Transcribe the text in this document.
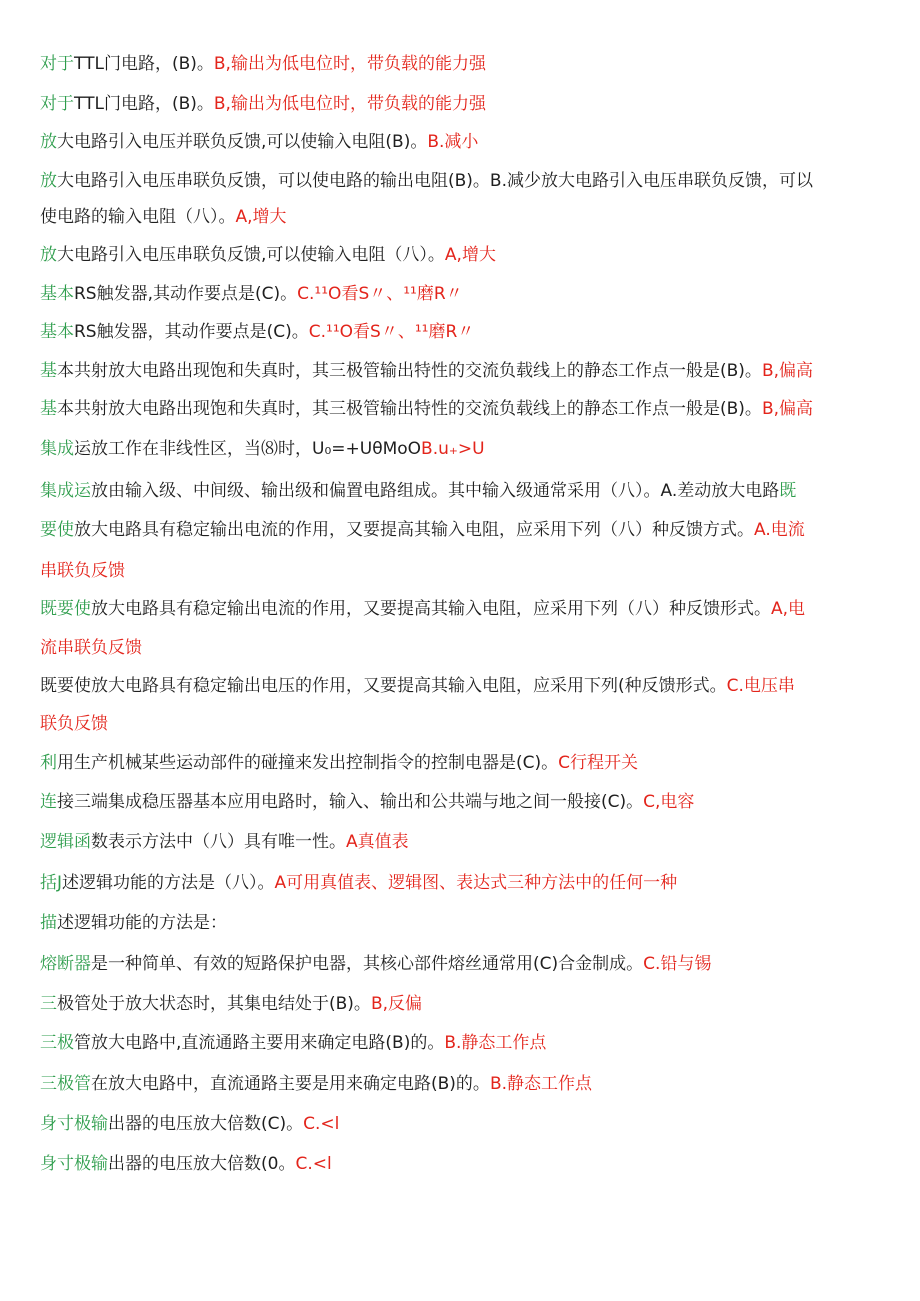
对于TTL门电路，(B)。B,输出为低电位时，带负载的能力强
对于TTL门电路，(B)。B,输出为低电位时，带负载的能力强
放大电路引入电压并联负反馈,可以使输入电阻(B)。B.减小
放大电路引入电压串联负反馈，可以使电路的输出电阻(B)。B.减少放大电路引入电压串联负反馈，可以
使电路的输入电阻（八）。A,增大
放大电路引入电压串联负反馈,可以使输入电阻（八）。A,增大
基本RS触发器,其动作要点是(C)。C.¹¹O看S〃、¹¹磨R〃
基本RS触发器，其动作要点是(C)。C.¹¹O看S〃、¹¹磨R〃
基本共射放大电路出现饱和失真时，其三极管输出特性的交流负载线上的静态工作点一般是(B)。B,偏高
基本共射放大电路出现饱和失真时，其三极管输出特性的交流负载线上的静态工作点一般是(B)。B,偏高
集成运放工作在非线性区，当⑻时，U₀=+UθMoOB.u₊>U
集成运放由输入级、中间级、输出级和偏置电路组成。其中输入级通常采用（八）。A.差动放大电路既
要使放大电路具有稳定输出电流的作用，又要提高其输入电阻，应采用下列（八）种反馈方式。A.电流
串联负反馈
既要使放大电路具有稳定输出电流的作用，又要提高其输入电阻，应采用下列（八）种反馈形式。A,电
流串联负反馈
既要使放大电路具有稳定输出电压的作用，又要提高其输入电阻，应采用下列(种反馈形式。C.电压串
联负反馈
利用生产机械某些运动部件的碰撞来发出控制指令的控制电器是(C)。C行程开关
连接三端集成稳压器基本应用电路时，输入、输出和公共端与地之间一般接(C)。C,电容
逻辑函数表示方法中（八）具有唯一性。A真值表
括J述逻辑功能的方法是（八）。A可用真值表、逻辑图、表达式三种方法中的任何一种
描述逻辑功能的方法是：
熔断器是一种简单、有效的短路保护电器，其核心部件熔丝通常用(C)合金制成。C.铅与锡
三极管处于放大状态时，其集电结处于(B)。B,反偏
三极管放大电路中,直流通路主要用来确定电路(B)的。B.静态工作点
三极管在放大电路中，直流通路主要是用来确定电路(B)的。B.静态工作点
身寸极输出器的电压放大倍数(C)。C.<l
身寸极输出器的电压放大倍数(0。C.<l
